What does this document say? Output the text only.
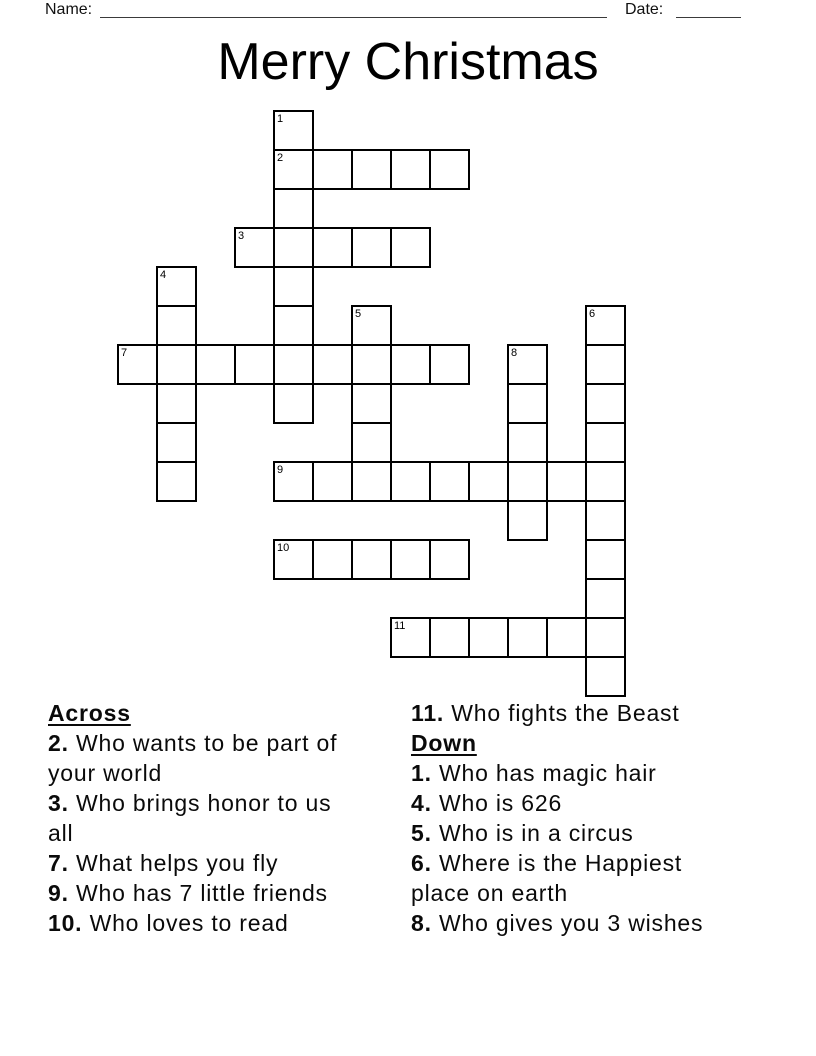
Name:	Date:
Merry Christmas
1
2
3
4
5	6
7	8
9
10
11
Across
2. Who wants to be part of
your world
3. Who brings honor to us
all
7. What helps you fly
9. Who has 7 little friends
10. Who loves to read
11. Who fights the Beast
Down
1. Who has magic hair
4. Who is 626
5. Who is in a circus
6. Where is the Happiest
place on earth
8. Who gives you 3 wishes
